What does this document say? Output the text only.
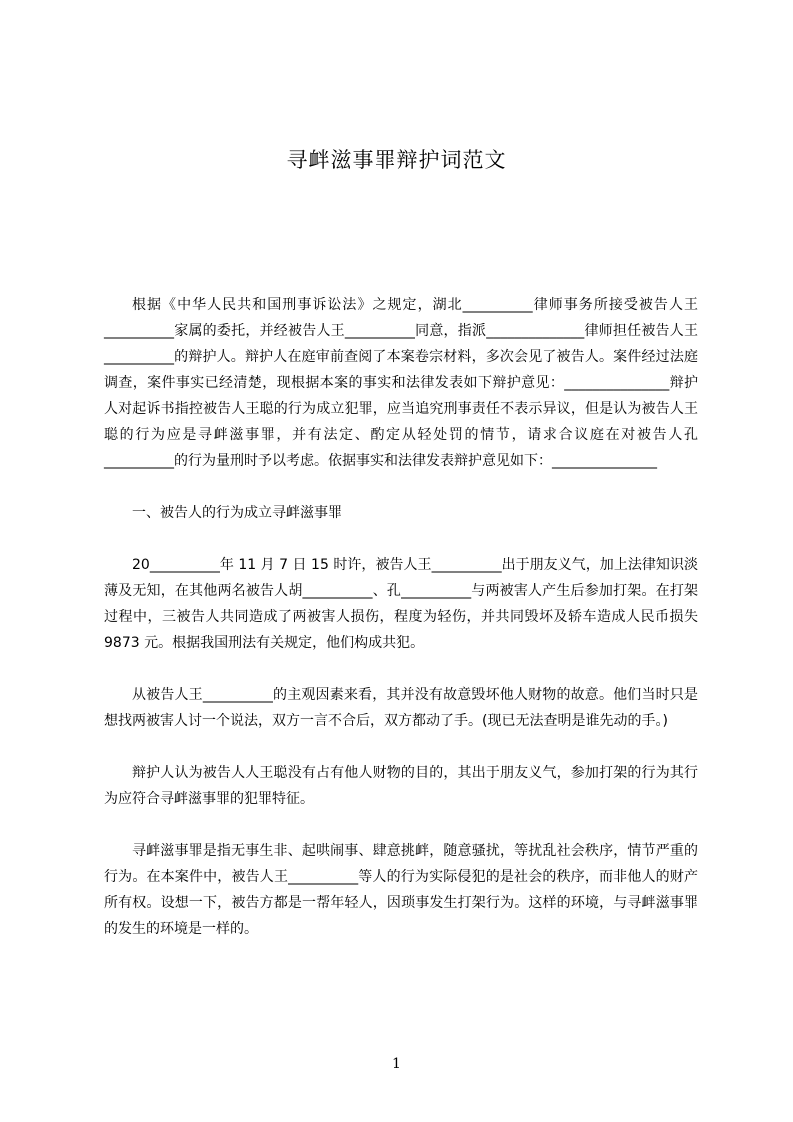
寻衅滋事罪辩护词范文

根据《中华人民共和国刑事诉讼法》之规定，湖北__________律师事务所接受被告人王__________家属的委托，并经被告人王__________同意，指派______________律师担任被告人王__________的辩护人。辩护人在庭审前查阅了本案卷宗材料，多次会见了被告人。案件经过法庭调查，案件事实已经清楚，现根据本案的事实和法律发表如下辩护意见：_______________辩护人对起诉书指控被告人王聪的行为成立犯罪，应当追究刑事责任不表示异议，但是认为被告人王聪的行为应是寻衅滋事罪，并有法定、酌定从轻处罚的情节，请求合议庭在对被告人孔__________的行为量刑时予以考虑。依据事实和法律发表辩护意见如下：_______________

一、被告人的行为成立寻衅滋事罪

20__________年 11 月 7 日 15 时许，被告人王__________出于朋友义气，加上法律知识淡薄及无知，在其他两名被告人胡__________、孔__________与两被害人产生后参加打架。在打架过程中，三被告人共同造成了两被害人损伤，程度为轻伤，并共同毁坏及轿车造成人民币损失 9873 元。根据我国刑法有关规定，他们构成共犯。

从被告人王__________的主观因素来看，其并没有故意毁坏他人财物的故意。他们当时只是想找两被害人讨一个说法，双方一言不合后，双方都动了手。(现已无法查明是谁先动的手。)

辩护人认为被告人人王聪没有占有他人财物的目的，其出于朋友义气，参加打架的行为其行为应符合寻衅滋事罪的犯罪特征。

寻衅滋事罪是指无事生非、起哄闹事、肆意挑衅，随意骚扰，等扰乱社会秩序，情节严重的行为。在本案件中，被告人王__________等人的行为实际侵犯的是社会的秩序，而非他人的财产所有权。设想一下，被告方都是一帮年轻人，因琐事发生打架行为。这样的环境，与寻衅滋事罪的发生的环境是一样的。

1
